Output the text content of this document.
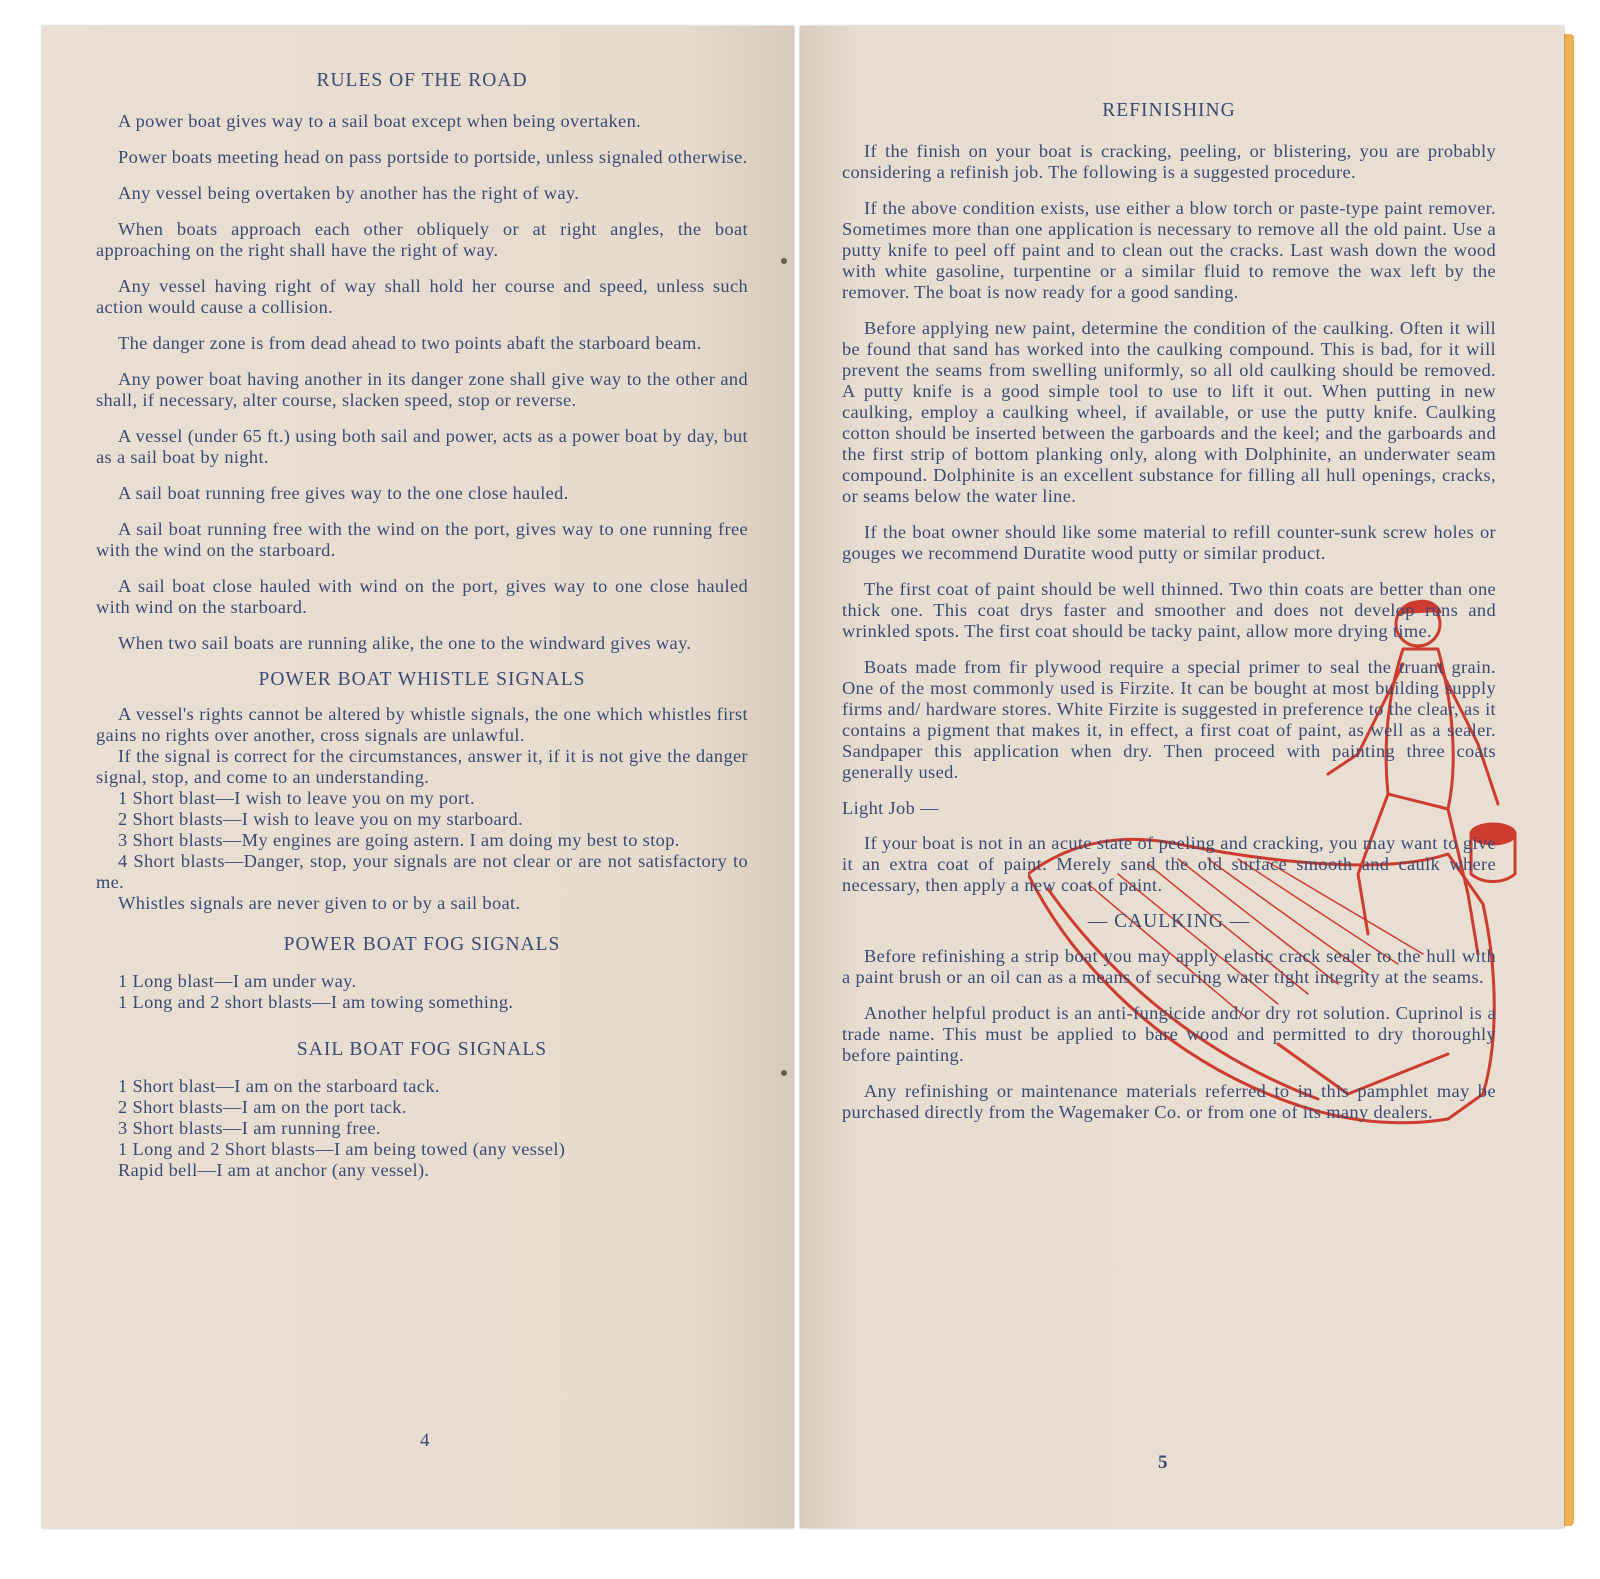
RULES OF THE ROAD

A power boat gives way to a sail boat except when being overtaken.

Power boats meeting head on pass portside to portside, unless signaled otherwise.

Any vessel being overtaken by another has the right of way.

When boats approach each other obliquely or at right angles, the boat approaching on the right shall have the right of way.

Any vessel having right of way shall hold her course and speed, unless such action would cause a collision.

The danger zone is from dead ahead to two points abaft the starboard beam.

Any power boat having another in its danger zone shall give way to the other and shall, if necessary, alter course, slacken speed, stop or reverse.

A vessel (under 65 ft.) using both sail and power, acts as a power boat by day, but as a sail boat by night.

A sail boat running free gives way to the one close hauled.

A sail boat running free with the wind on the port, gives way to one running free with the wind on the starboard.

A sail boat close hauled with wind on the port, gives way to one close hauled with wind on the starboard.

When two sail boats are running alike, the one to the windward gives way.

POWER BOAT WHISTLE SIGNALS

A vessel's rights cannot be altered by whistle signals, the one which whistles first gains no rights over another, cross signals are unlawful.

If the signal is correct for the circumstances, answer it, if it is not give the danger signal, stop, and come to an understanding.

1 Short blast—I wish to leave you on my port.

2 Short blasts—I wish to leave you on my starboard.

3 Short blasts—My engines are going astern. I am doing my best to stop.

4 Short blasts—Danger, stop, your signals are not clear or are not satisfactory to me.

Whistles signals are never given to or by a sail boat.

POWER BOAT FOG SIGNALS

1 Long blast—I am under way.

1 Long and 2 short blasts—I am towing something.

SAIL BOAT FOG SIGNALS

1 Short blast—I am on the starboard tack.

2 Short blasts—I am on the port tack.

3 Short blasts—I am running free.

1 Long and 2 Short blasts—I am being towed (any vessel)

Rapid bell—I am at anchor (any vessel).

4
REFINISHING

If the finish on your boat is cracking, peeling, or blistering, you are probably considering a refinish job. The following is a suggested procedure.

If the above condition exists, use either a blow torch or paste-type paint remover. Sometimes more than one application is necessary to remove all the old paint. Use a putty knife to peel off paint and to clean out the cracks. Last wash down the wood with white gasoline, turpentine or a similar fluid to remove the wax left by the remover. The boat is now ready for a good sanding.

Before applying new paint, determine the condition of the caulking. Often it will be found that sand has worked into the caulking compound. This is bad, for it will prevent the seams from swelling uniformly, so all old caulking should be removed. A putty knife is a good simple tool to use to lift it out. When putting in new caulking, employ a caulking wheel, if available, or use the putty knife. Caulking cotton should be inserted between the garboards and the keel; and the garboards and the first strip of bottom planking only, along with Dolphinite, an underwater seam compound. Dolphinite is an excellent substance for filling all hull openings, cracks, or seams below the water line.

If the boat owner should like some material to refill counter-sunk screw holes or gouges we recommend Duratite wood putty or similar product.

The first coat of paint should be well thinned. Two thin coats are better than one thick one. This coat drys faster and smoother and does not develop runs and wrinkled spots. The first coat should be tacky paint, allow more drying time.

Boats made from fir plywood require a special primer to seal the truant grain. One of the most commonly used is Firzite. It can be bought at most building supply firms and/ hardware stores. White Firzite is suggested in preference to the clear, as it contains a pigment that makes it, in effect, a first coat of paint, as well as a sealer. Sandpaper this application when dry. Then proceed with painting three coats generally used.

Light Job —

If your boat is not in an acute state of peeling and cracking, you may want to give it an extra coat of paint. Merely sand the old surface smooth and caulk where necessary, then apply a new coat of paint.

— CAULKING —

Before refinishing a strip boat you may apply elastic crack sealer to the hull with a paint brush or an oil can as a means of securing water tight integrity at the seams.

Another helpful product is an anti-fungicide and/or dry rot solution. Cuprinol is a trade name. This must be applied to bare wood and permitted to dry thoroughly before painting.

Any refinishing or maintenance materials referred to in this pamphlet may be purchased directly from the Wagemaker Co. or from one of its many dealers.

5
